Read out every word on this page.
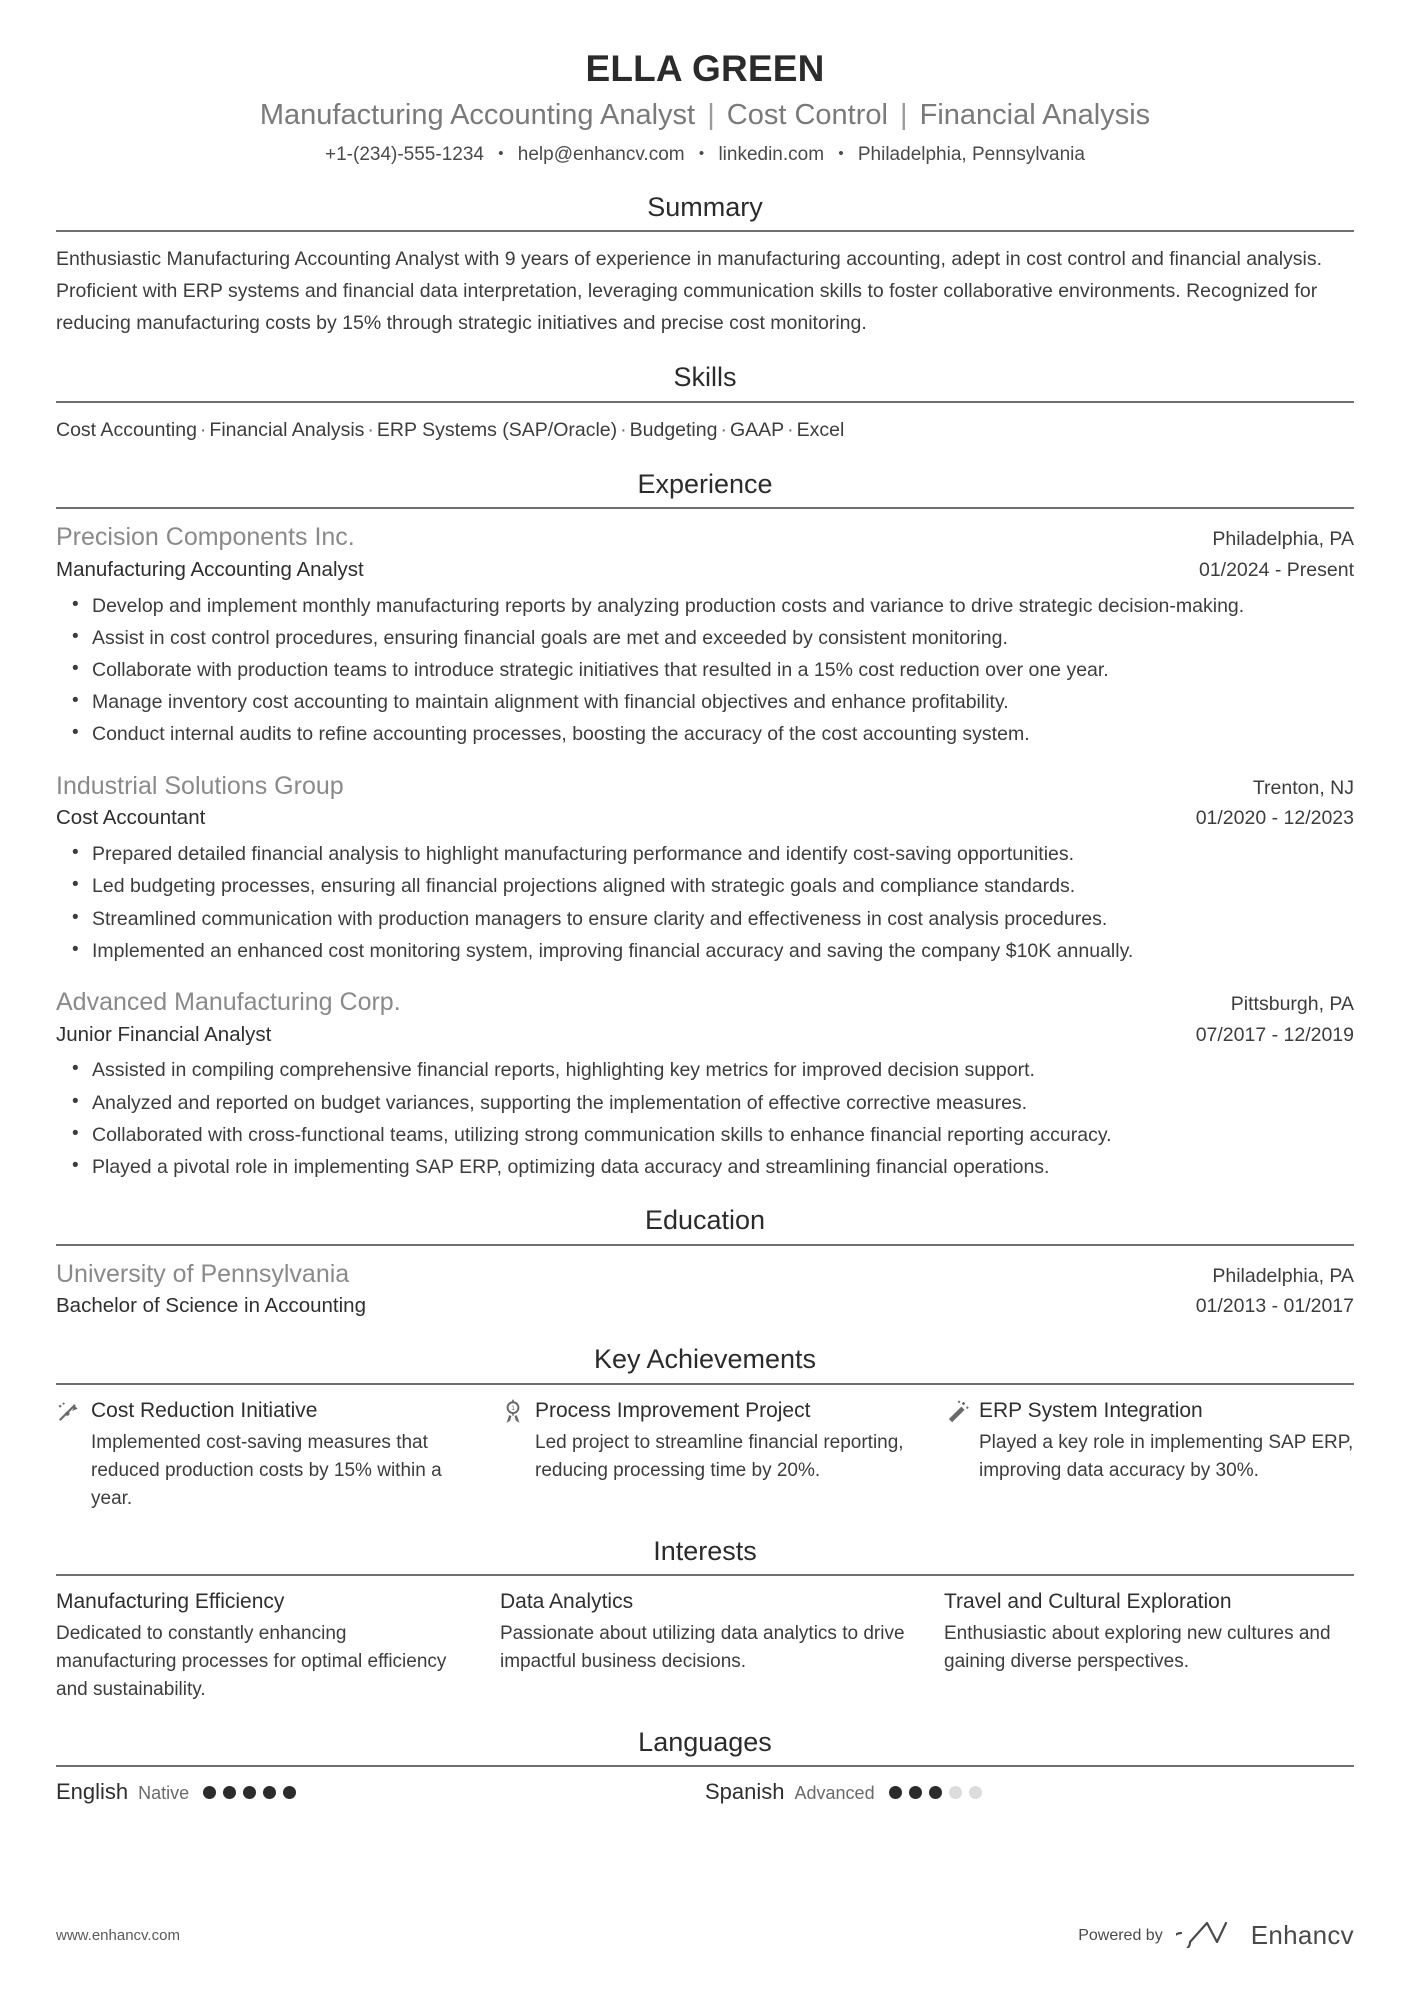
ELLA GREEN
Manufacturing Accounting Analyst | Cost Control | Financial Analysis
+1-(234)-555-1234 • help@enhancv.com • linkedin.com • Philadelphia, Pennsylvania
Summary
Enthusiastic Manufacturing Accounting Analyst with 9 years of experience in manufacturing accounting, adept in cost control and financial analysis. Proficient with ERP systems and financial data interpretation, leveraging communication skills to foster collaborative environments. Recognized for reducing manufacturing costs by 15% through strategic initiatives and precise cost monitoring.
Skills
Cost Accounting · Financial Analysis · ERP Systems (SAP/Oracle) · Budgeting · GAAP · Excel
Experience
Precision Components Inc.	Philadelphia, PA
Manufacturing Accounting Analyst	01/2024 - Present
• Develop and implement monthly manufacturing reports by analyzing production costs and variance to drive strategic decision-making.
• Assist in cost control procedures, ensuring financial goals are met and exceeded by consistent monitoring.
• Collaborate with production teams to introduce strategic initiatives that resulted in a 15% cost reduction over one year.
• Manage inventory cost accounting to maintain alignment with financial objectives and enhance profitability.
• Conduct internal audits to refine accounting processes, boosting the accuracy of the cost accounting system.
Industrial Solutions Group	Trenton, NJ
Cost Accountant	01/2020 - 12/2023
• Prepared detailed financial analysis to highlight manufacturing performance and identify cost-saving opportunities.
• Led budgeting processes, ensuring all financial projections aligned with strategic goals and compliance standards.
• Streamlined communication with production managers to ensure clarity and effectiveness in cost analysis procedures.
• Implemented an enhanced cost monitoring system, improving financial accuracy and saving the company $10K annually.
Advanced Manufacturing Corp.	Pittsburgh, PA
Junior Financial Analyst	07/2017 - 12/2019
• Assisted in compiling comprehensive financial reports, highlighting key metrics for improved decision support.
• Analyzed and reported on budget variances, supporting the implementation of effective corrective measures.
• Collaborated with cross-functional teams, utilizing strong communication skills to enhance financial reporting accuracy.
• Played a pivotal role in implementing SAP ERP, optimizing data accuracy and streamlining financial operations.
Education
University of Pennsylvania	Philadelphia, PA
Bachelor of Science in Accounting	01/2013 - 01/2017
Key Achievements
Cost Reduction Initiative
Implemented cost-saving measures that reduced production costs by 15% within a year.
1 Process Improvement Project
Led project to streamline financial reporting, reducing processing time by 20%.
ERP System Integration
Played a key role in implementing SAP ERP, improving data accuracy by 30%.
Interests
Manufacturing Efficiency
Dedicated to constantly enhancing manufacturing processes for optimal efficiency and sustainability.
Data Analytics
Passionate about utilizing data analytics to drive impactful business decisions.
Travel and Cultural Exploration
Enthusiastic about exploring new cultures and gaining diverse perspectives.
Languages
English Native	Spanish Advanced
www.enhancv.com	Powered by	Enhancv
